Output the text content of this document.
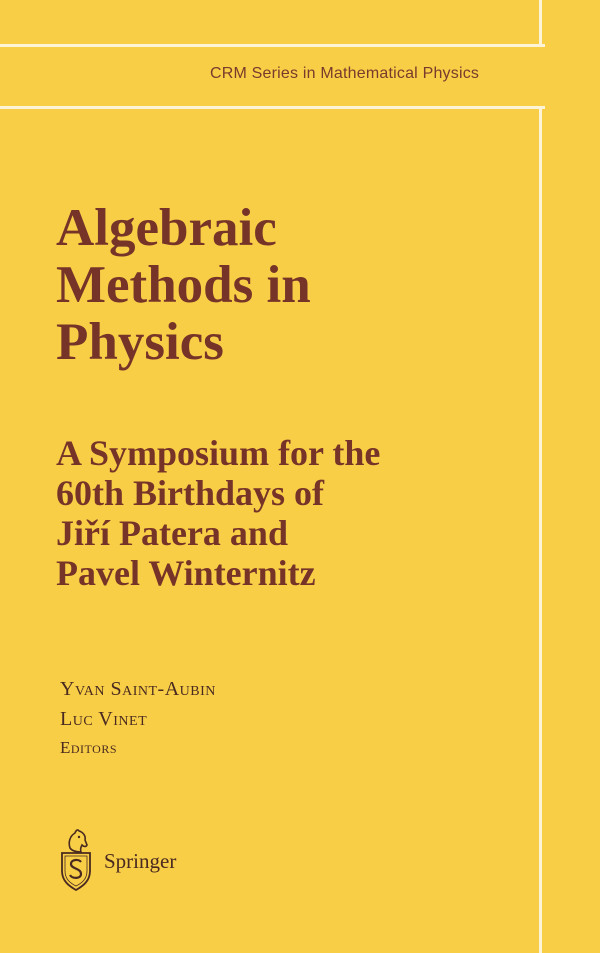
CRM Series in Mathematical Physics
Algebraic
Methods in
Physics
A Symposium for the
60th Birthdays of
Jiří Patera and
Pavel Winternitz
Yvan Saint-Aubin
Luc Vinet
Editors
Springer
